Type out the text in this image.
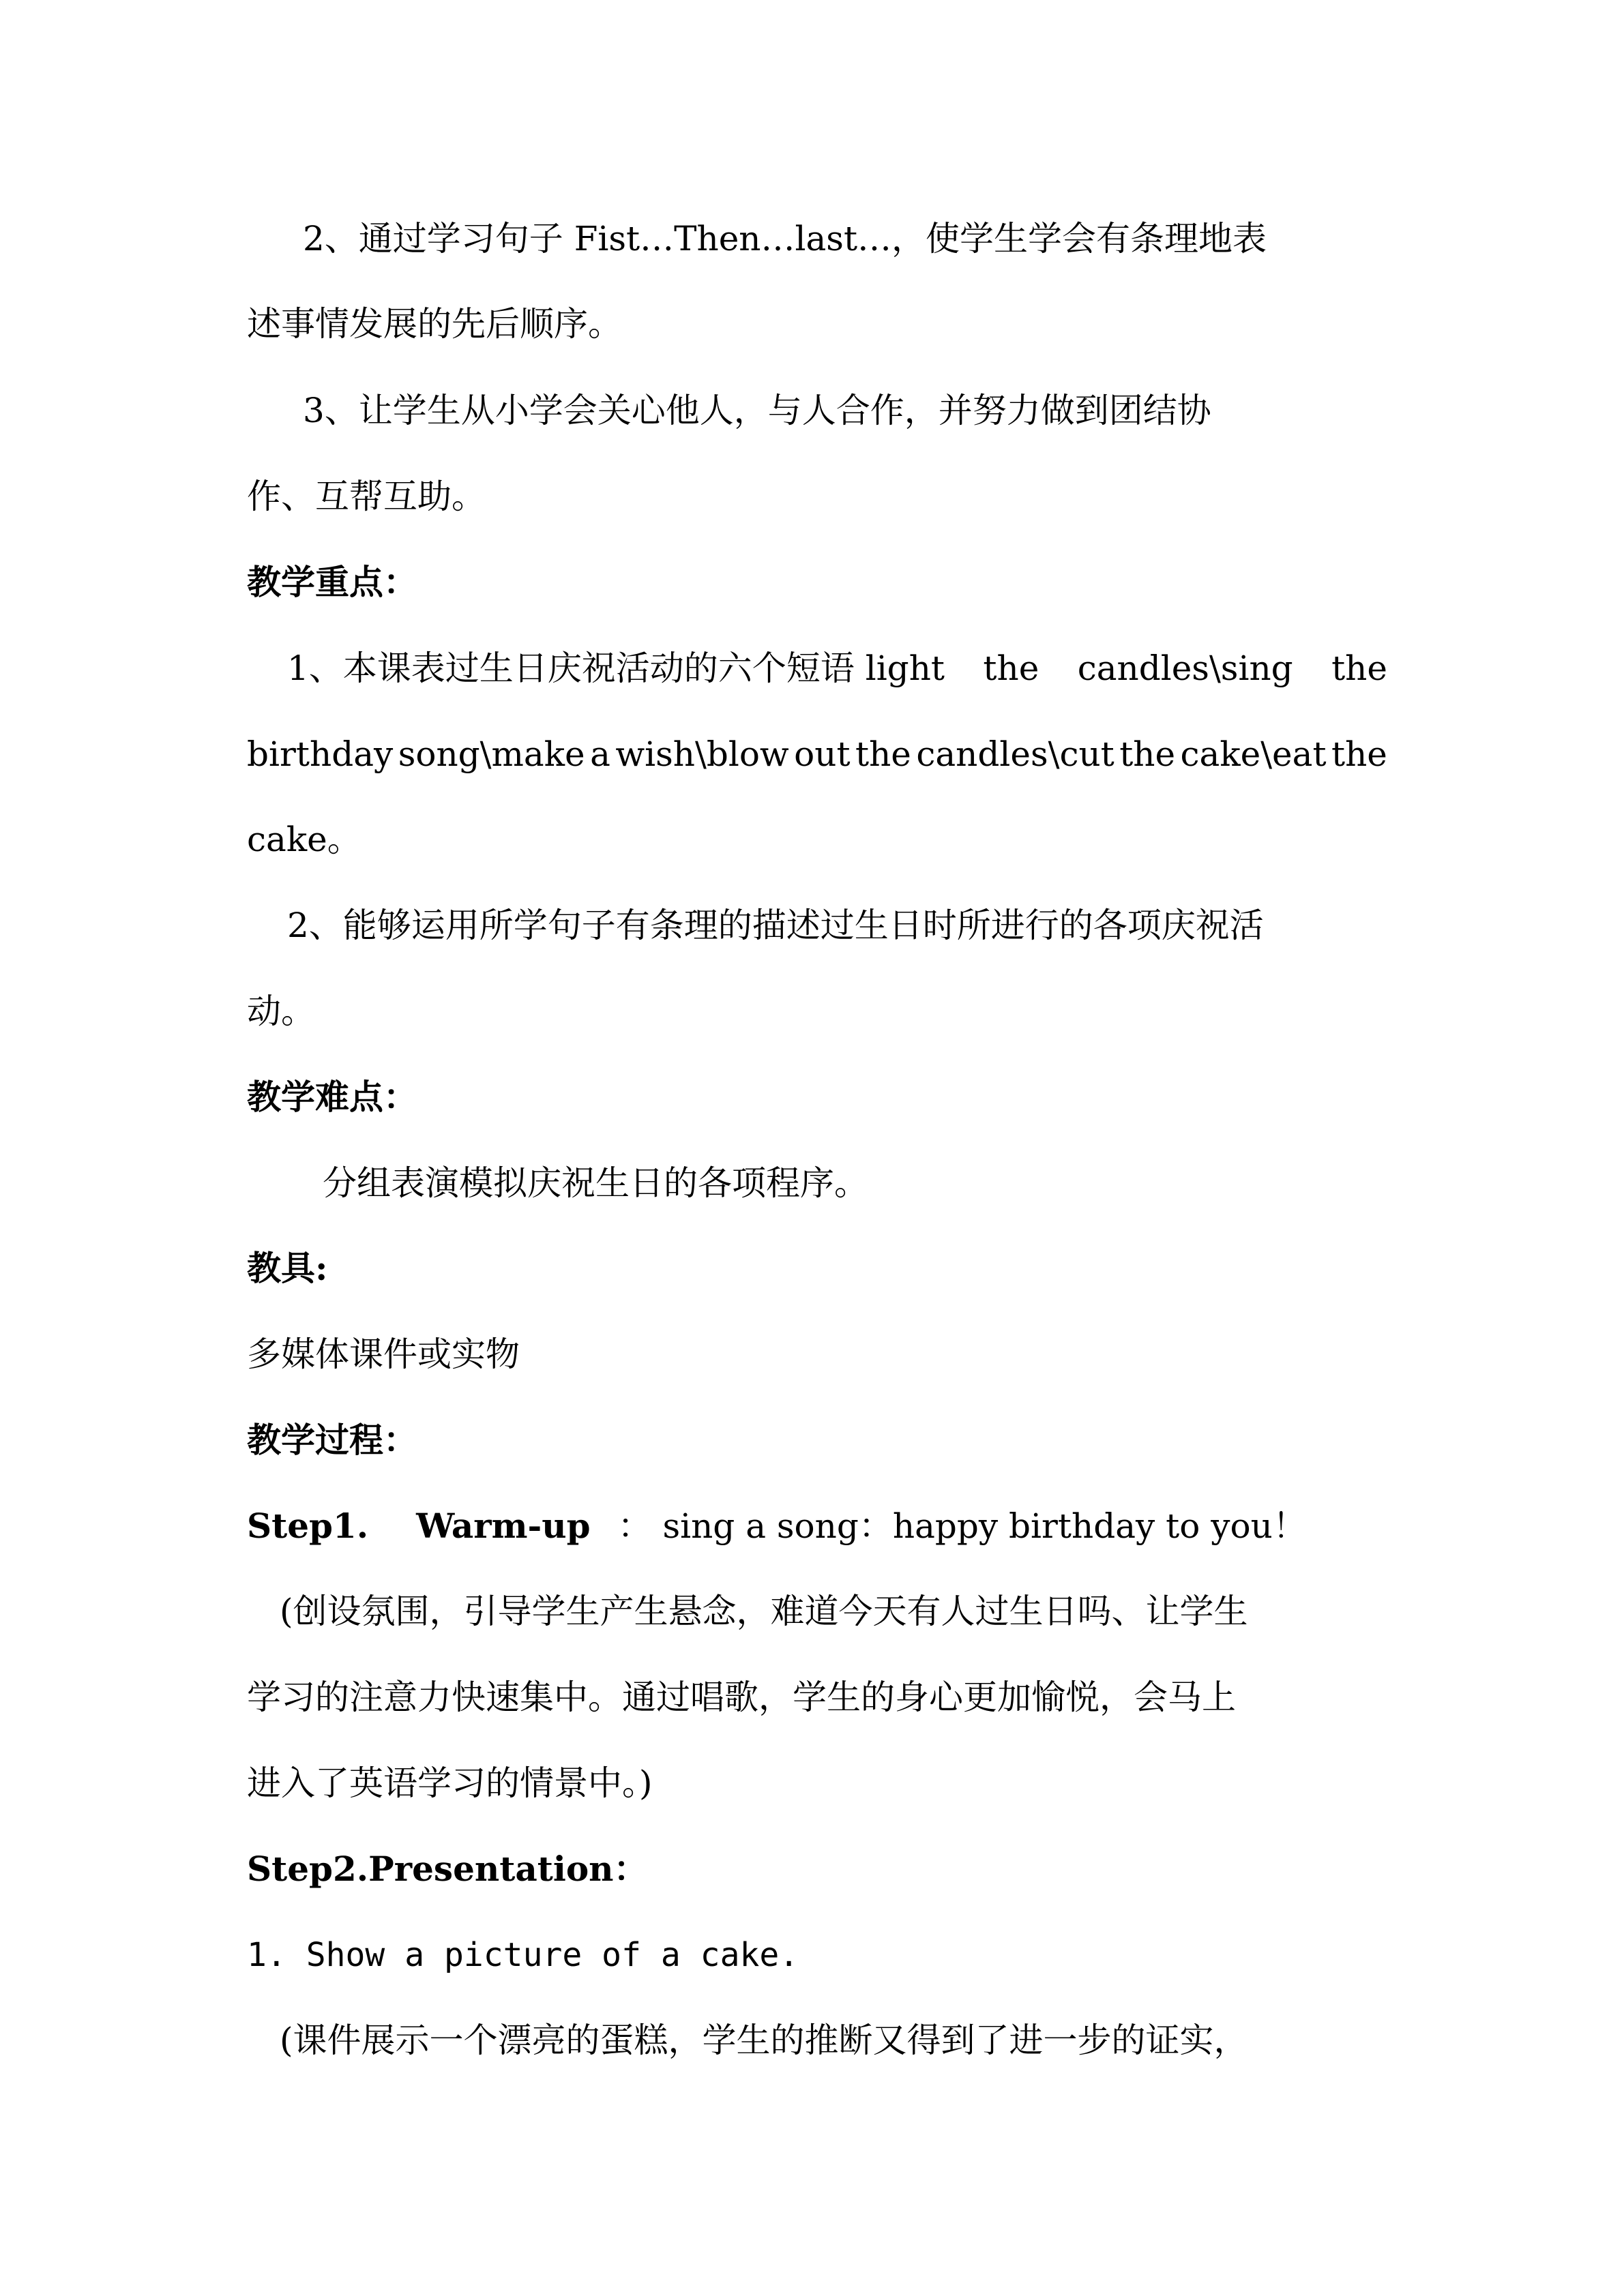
2、通过学习句子 Fist…Then…last…，使学生学会有条理地表
述事情发展的先后顺序。
3、让学生从小学会关心他人，与人合作，并努力做到团结协
作、互帮互助。
教学重点：
1、本课表过生日庆祝活动的六个短语 light the candles\sing the
birthday song\make a wish\blow out the candles\cut the cake\eat the
cake。
2、能够运用所学句子有条理的描述过生日时所进行的各项庆祝活
动。
教学难点：
分组表演模拟庆祝生日的各项程序。
教具:
多媒体课件或实物
教学过程：
Step1. Warm-up ： sing a song：happy birthday to you！
(创设氛围，引导学生产生悬念，难道今天有人过生日吗、让学生
学习的注意力快速集中。通过唱歌，学生的身心更加愉悦，会马上
进入了英语学习的情景中。)
Step2.Presentation：
1. Show a picture of a cake.
(课件展示一个漂亮的蛋糕，学生的推断又得到了进一步的证实，
